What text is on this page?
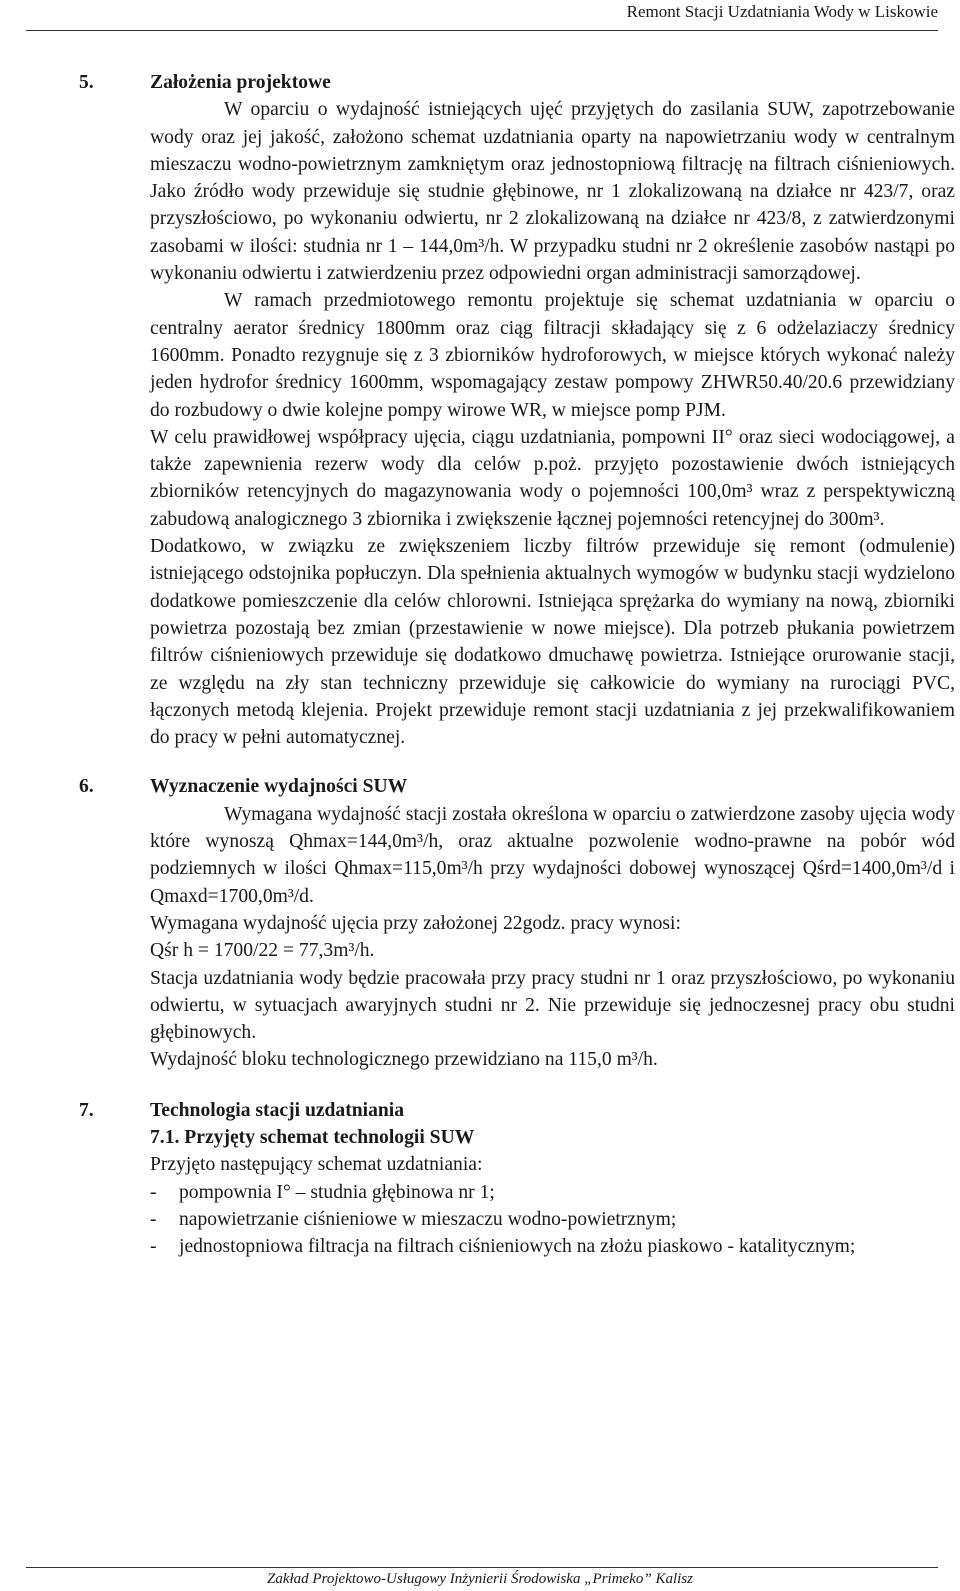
Remont Stacji Uzdatniania Wody w Liskowie
5.	Założenia projektowe

W oparciu o wydajność istniejących ujęć przyjętych do zasilania SUW, zapotrzebowanie wody oraz jej jakość, założono schemat uzdatniania oparty na napowietrzaniu wody w centralnym mieszaczu wodno-powietrznym zamkniętym oraz jednostopniową filtrację na filtrach ciśnieniowych. Jako źródło wody przewiduje się studnie głębinowe, nr 1 zlokalizowaną na działce nr 423/7, oraz przyszłościowo, po wykonaniu odwiertu, nr 2 zlokalizowaną na działce nr 423/8, z zatwierdzonymi zasobami w ilości: studnia nr 1 – 144,0m³/h. W przypadku studni nr 2 określenie zasobów nastąpi po wykonaniu odwiertu i zatwierdzeniu przez odpowiedni organ administracji samorządowej.

W ramach przedmiotowego remontu projektuje się schemat uzdatniania w oparciu o centralny aerator średnicy 1800mm oraz ciąg filtracji składający się z 6 odżelaziaczy średnicy 1600mm. Ponadto rezygnuje się z 3 zbiorników hydroforowych, w miejsce których wykonać należy jeden hydrofor średnicy 1600mm, wspomagający zestaw pompowy ZHWR50.40/20.6 przewidziany do rozbudowy o dwie kolejne pompy wirowe WR, w miejsce pomp PJM.

W celu prawidłowej współpracy ujęcia, ciągu uzdatniania, pompowni II° oraz sieci wodociągowej, a także zapewnienia rezerw wody dla celów p.poż. przyjęto pozostawienie dwóch istniejących zbiorników retencyjnych do magazynowania wody o pojemności 100,0m³ wraz z perspektywiczną zabudową analogicznego 3 zbiornika i zwiększenie łącznej pojemności retencyjnej do 300m³.

Dodatkowo, w związku ze zwiększeniem liczby filtrów przewiduje się remont (odmulenie) istniejącego odstojnika popłuczyn. Dla spełnienia aktualnych wymogów w budynku stacji wydzielono dodatkowe pomieszczenie dla celów chlorowni. Istniejąca sprężarka do wymiany na nową, zbiorniki powietrza pozostają bez zmian (przestawienie w nowe miejsce). Dla potrzeb płukania powietrzem filtrów ciśnieniowych przewiduje się dodatkowo dmuchawę powietrza. Istniejące orurowanie stacji, ze względu na zły stan techniczny przewiduje się całkowicie do wymiany na rurociągi PVC, łączonych metodą klejenia. Projekt przewiduje remont stacji uzdatniania z jej przekwalifikowaniem do pracy w pełni automatycznej.

6.	Wyznaczenie wydajności SUW

Wymagana wydajność stacji została określona w oparciu o zatwierdzone zasoby ujęcia wody które wynoszą Qhmax=144,0m³/h, oraz aktualne pozwolenie wodno-prawne na pobór wód podziemnych w ilości Qhmax=115,0m³/h przy wydajności dobowej wynoszącej Qśrd=1400,0m³/d i Qmaxd=1700,0m³/d.

Wymagana wydajność ujęcia przy założonej 22godz. pracy wynosi:

Qśr h = 1700/22 = 77,3m³/h.

Stacja uzdatniania wody będzie pracowała przy pracy studni nr 1 oraz przyszłościowo, po wykonaniu odwiertu, w sytuacjach awaryjnych studni nr 2. Nie przewiduje się jednoczesnej pracy obu studni głębinowych.

Wydajność bloku technologicznego przewidziano na 115,0 m³/h.

7.	Technologia stacji uzdatniania
7.1. Przyjęty schemat technologii SUW

Przyjęto następujący schemat uzdatniania:

- pompownia I° – studnia głębinowa nr 1;
- napowietrzanie ciśnieniowe w mieszaczu wodno-powietrznym;
- jednostopniowa filtracja na filtrach ciśnieniowych na złożu piaskowo - katalitycznym;
Zakład Projektowo-Usługowy Inżynierii Środowiska „Primeko” Kalisz
